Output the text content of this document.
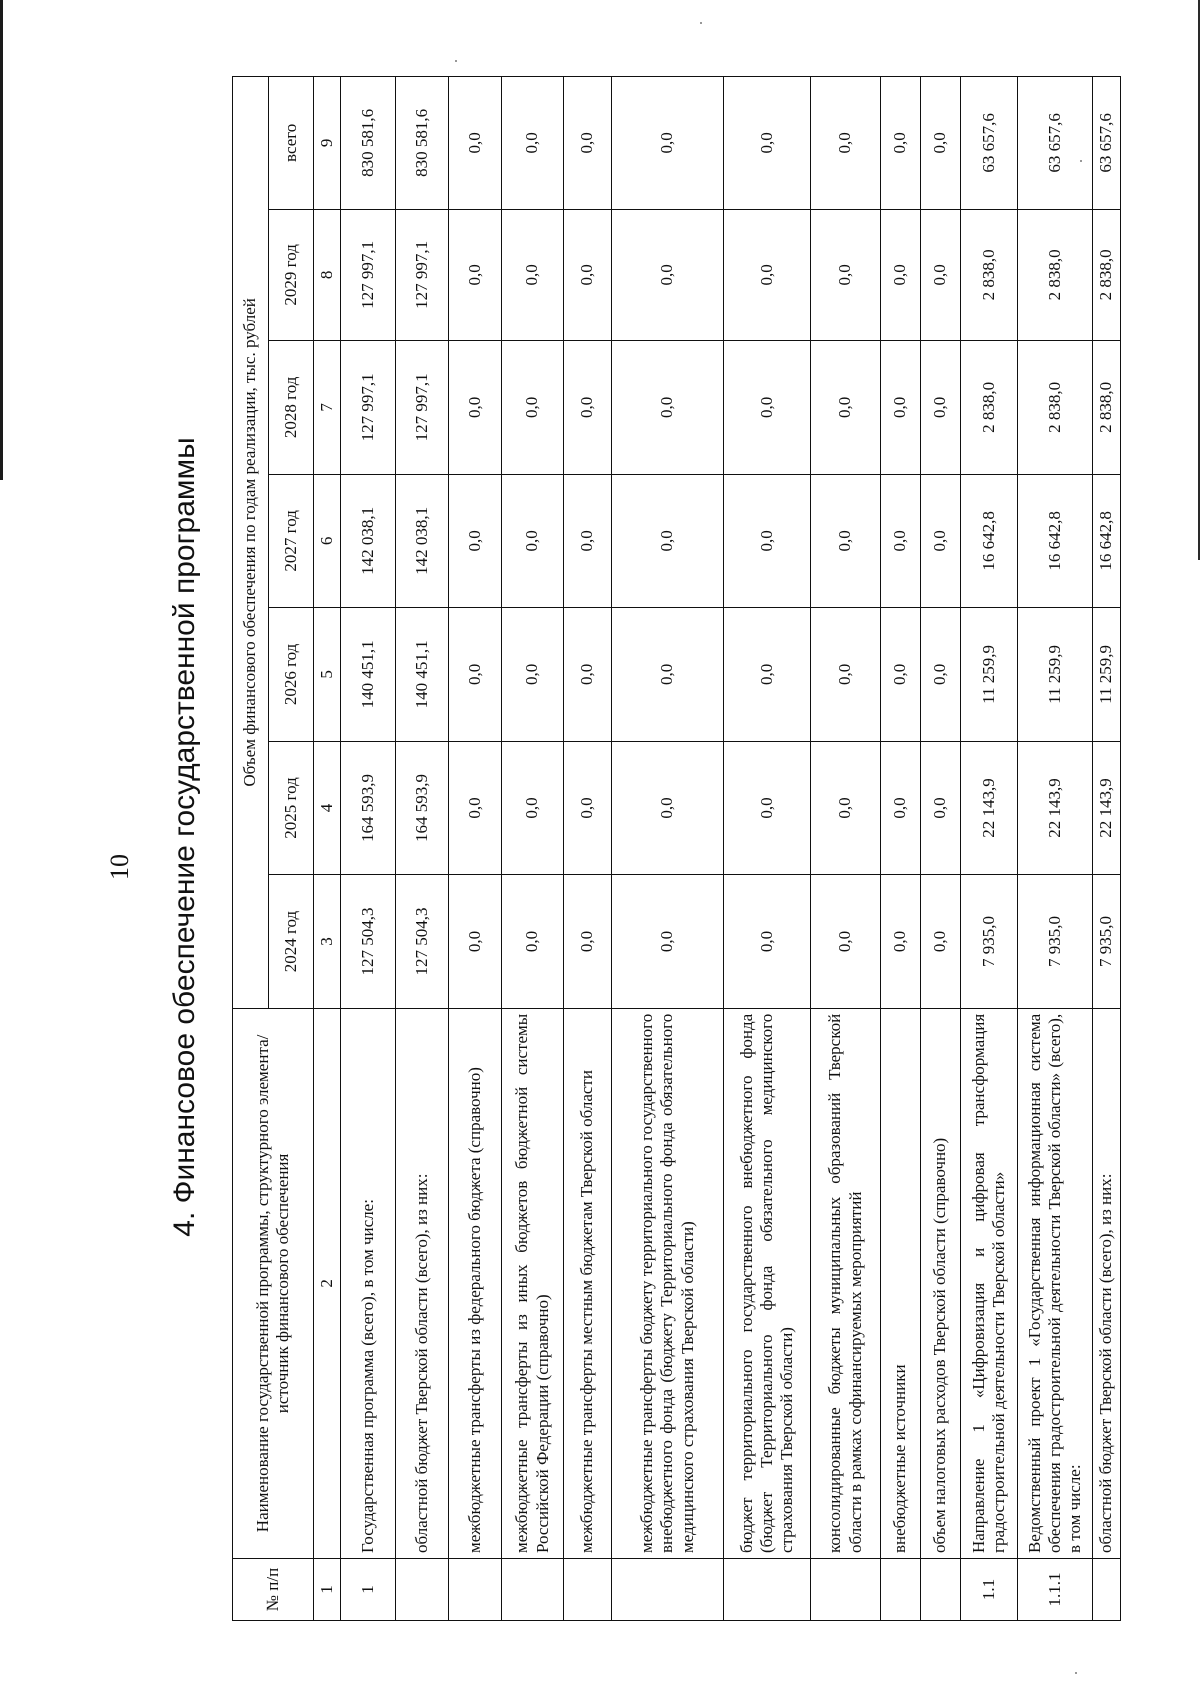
10 4. Финансовое обеспечение государственной программы
№ п/п	Наименование государственной программы, структурного элемента/источник финансового обеспечения	Объем финансового обеспечения по годам реализации, тыс. рублей						
		2024 год	2025 год	2026 год	2027 год	2028 год	2029 год	всего
1	2	3	4	5	6	7	8	9
1	Государственная программа (всего), в том числе:	127 504,3	164 593,9	140 451,1	142 038,1	127 997,1	127 997,1	830 581,6
	областной бюджет Тверской области (всего), из них:	127 504,3	164 593,9	140 451,1	142 038,1	127 997,1	127 997,1	830 581,6
	межбюджетные трансферты из федерального бюджета (справочно)	0,0	0,0	0,0	0,0	0,0	0,0	0,0
	межбюджетные трансферты из иных бюджетов бюджетной системы Российской Федерации (справочно)	0,0	0,0	0,0	0,0	0,0	0,0	0,0
	межбюджетные трансферты местным бюджетам Тверской области	0,0	0,0	0,0	0,0	0,0	0,0	0,0
	межбюджетные трансферты бюджету территориального государственного внебюджетного фонда (бюджету Территориального фонда обязательного медицинского страхования Тверской области)	0,0	0,0	0,0	0,0	0,0	0,0	0,0
	бюджет территориального государственного внебюджетного фонда (бюджет Территориального фонда обязательного медицинского страхования Тверской области)	0,0	0,0	0,0	0,0	0,0	0,0	0,0
	консолидированные бюджеты муниципальных образований Тверской области в рамках софинансируемых мероприятий	0,0	0,0	0,0	0,0	0,0	0,0	0,0
	внебюджетные источники	0,0	0,0	0,0	0,0	0,0	0,0	0,0
	объем налоговых расходов Тверской области (справочно)	0,0	0,0	0,0	0,0	0,0	0,0	0,0
1.1	Направление 1 «Цифровизация и цифровая трансформация градостроительной деятельности Тверской области»	7 935,0	22 143,9	11 259,9	16 642,8	2 838,0	2 838,0	63 657,6
1.1.1	Ведомственный проект 1 «Государственная информационная система обеспечения градостроительной деятельности Тверской области» (всего), в том числе:	7 935,0	22 143,9	11 259,9	16 642,8	2 838,0	2 838,0	63 657,6
	областной бюджет Тверской области (всего), из них:	7 935,0	22 143,9	11 259,9	16 642,8	2 838,0	2 838,0	63 657,6
